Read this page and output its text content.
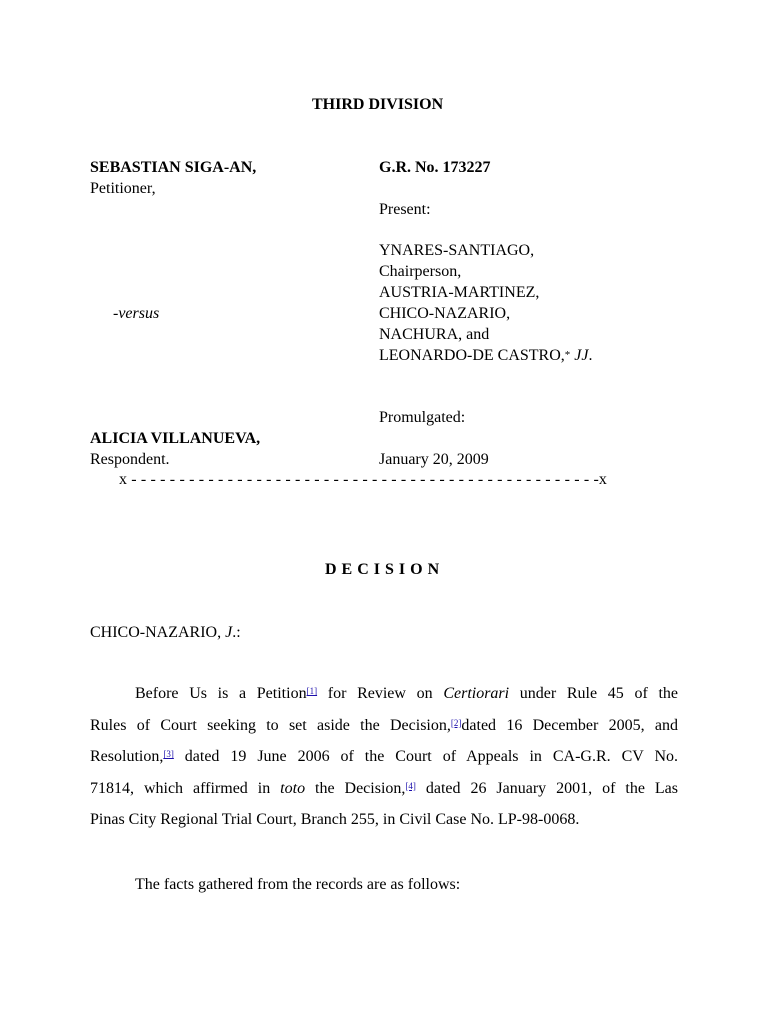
THIRD DIVISION
SEBASTIAN SIGA-AN,
Petitioner,
-versus
ALICIA VILLANUEVA,
Respondent.
G.R. No. 173227
Present:
YNARES-SANTIAGO,
Chairperson,
AUSTRIA-MARTINEZ,
CHICO-NAZARIO,
NACHURA, and
LEONARDO-DE CASTRO,* JJ.
Promulgated:
January 20, 2009
x - - - - - - - - - - - - - - - - - - - - - - - - - - - - - - - - - - - - - - - - - - - - - - - - -x
D E C I S I O N
CHICO-NAZARIO, J.:
Before Us is a Petition[1] for Review on Certiorari under Rule 45 of the
Rules of Court seeking to set aside the Decision,[2]dated 16 December 2005, and
Resolution,[3] dated 19 June 2006 of the Court of Appeals in CA-G.R. CV No.
71814, which affirmed in toto the Decision,[4] dated 26 January 2001, of the Las
Pinas City Regional Trial Court, Branch 255, in Civil Case No. LP-98-0068.
The facts gathered from the records are as follows:
